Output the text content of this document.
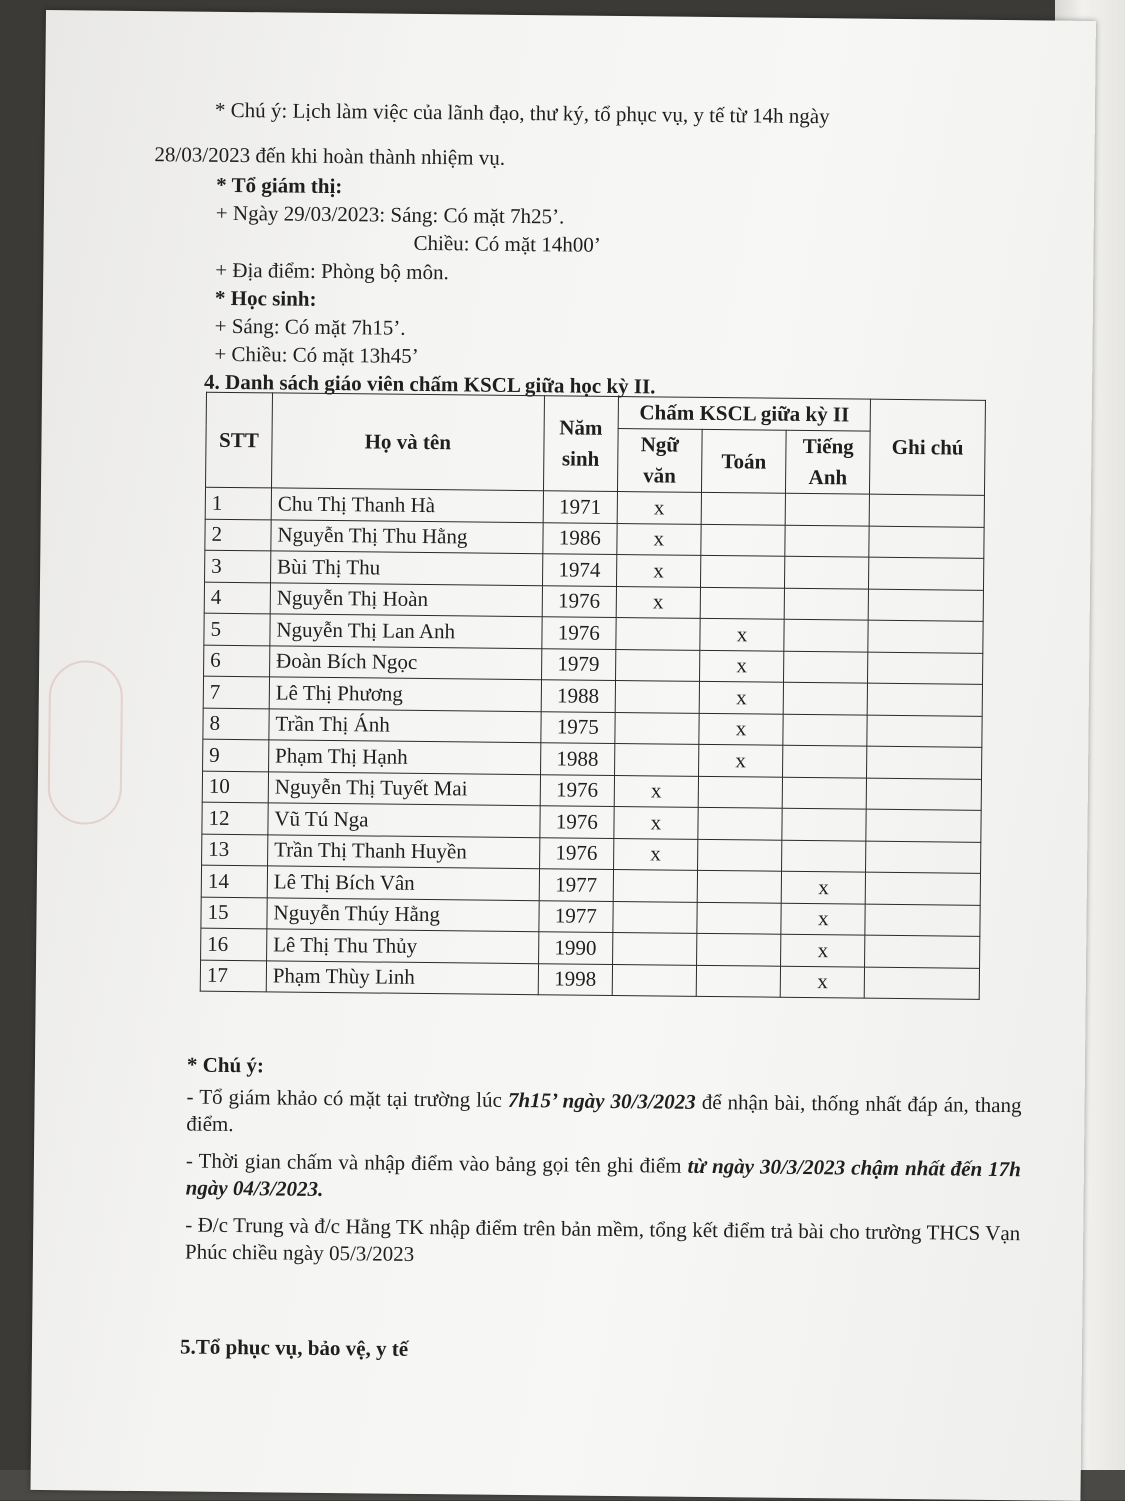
* Chú ý: Lịch làm việc của lãnh đạo, thư ký, tổ phục vụ, y tế từ 14h ngày
28/03/2023 đến khi hoàn thành nhiệm vụ.
* Tổ giám thị:
+ Ngày 29/03/2023: Sáng: Có mặt 7h25’.
Chiều: Có mặt 14h00’
+ Địa điểm: Phòng bộ môn.
* Học sinh:
+ Sáng: Có mặt 7h15’.
+ Chiều: Có mặt 13h45’
4. Danh sách giáo viên chấm KSCL giữa học kỳ II.
STT	Họ và tên	Năm sinh	Chấm KSCL giữa kỳ II			Ghi chú
			Ngữ văn	Toán	Tiếng Anh	
1	Chu Thị Thanh Hà	1971	x			
2	Nguyễn Thị Thu Hằng	1986	x			
3	Bùi Thị Thu	1974	x			
4	Nguyễn Thị Hoàn	1976	x			
5	Nguyễn Thị Lan Anh	1976		x		
6	Đoàn Bích Ngọc	1979		x		
7	Lê Thị Phương	1988		x		
8	Trần Thị Ánh	1975		x		
9	Phạm Thị Hạnh	1988		x		
10	Nguyễn Thị Tuyết Mai	1976	x			
12	Vũ Tú Nga	1976	x			
13	Trần Thị Thanh Huyền	1976	x			
14	Lê Thị Bích Vân	1977			x	
15	Nguyễn Thúy Hằng	1977			x	
16	Lê Thị Thu Thủy	1990			x	
17	Phạm Thùy Linh	1998			x	
* Chú ý:
- Tổ giám khảo có mặt tại trường lúc 7h15’ ngày 30/3/2023 để nhận bài, thống nhất đáp án, thang điểm.
- Thời gian chấm và nhập điểm vào bảng gọi tên ghi điểm từ ngày 30/3/2023 chậm nhất đến 17h ngày 04/3/2023.
- Đ/c Trung và đ/c Hằng TK nhập điểm trên bản mềm, tổng kết điểm trả bài cho trường THCS Vạn Phúc chiều ngày 05/3/2023
5.Tổ phục vụ, bảo vệ, y tế
